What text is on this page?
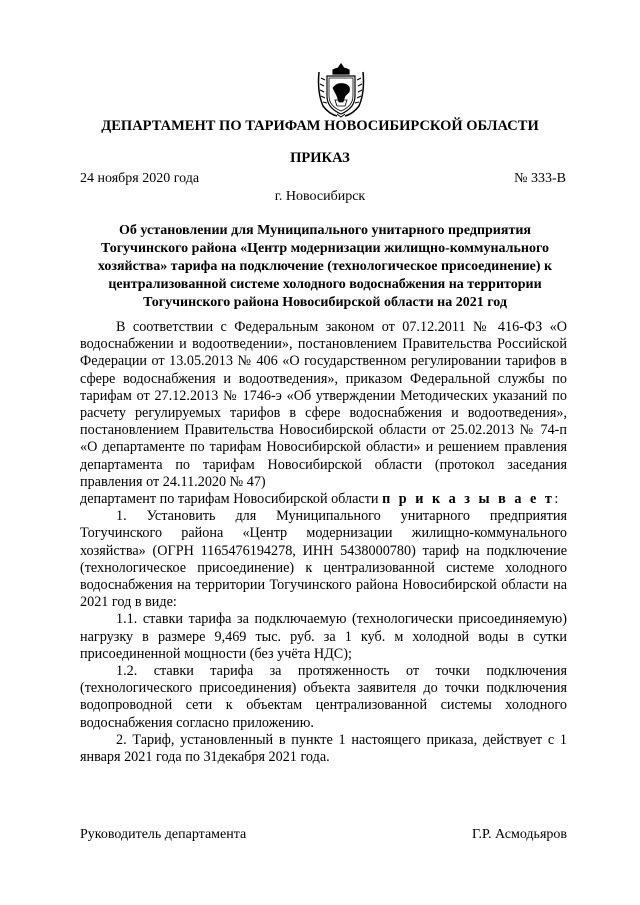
ДЕПАРТАМЕНТ ПО ТАРИФАМ НОВОСИБИРСКОЙ ОБЛАСТИ
ПРИКАЗ
24 ноября 2020 года	№ 333-В
г. Новосибирск
Об установлении для Муниципального унитарного предприятия Тогучинского района «Центр модернизации жилищно-коммунального хозяйства» тарифа на подключение (технологическое присоединение) к централизованной системе холодного водоснабжения на территории Тогучинского района Новосибирской области на 2021 год

В соответствии с Федеральным законом от 07.12.2011 № 416-ФЗ «О водоснабжении и водоотведении», постановлением Правительства Российской Федерации от 13.05.2013 № 406 «О государственном регулировании тарифов в сфере водоснабжения и водоотведения», приказом Федеральной службы по тарифам от 27.12.2013 № 1746-э «Об утверждении Методических указаний по расчету регулируемых тарифов в сфере водоснабжения и водоотведения», постановлением Правительства Новосибирской области от 25.02.2013 № 74-п «О департаменте по тарифам Новосибирской области» и решением правления департамента по тарифам Новосибирской области (протокол заседания правления от 24.11.2020 № 47)

департамент по тарифам Новосибирской области п р и к а з ы в а е т:

1. Установить для Муниципального унитарного предприятия Тогучинского района «Центр модернизации жилищно-коммунального хозяйства» (ОГРН 1165476194278, ИНН 5438000780) тариф на подключение (технологическое присоединение) к централизованной системе холодного водоснабжения на территории Тогучинского района Новосибирской области на 2021 год в виде:

1.1. ставки тарифа за подключаемую (технологически присоединяемую) нагрузку в размере 9,469 тыс. руб. за 1 куб. м холодной воды в сутки присоединенной мощности (без учёта НДС);

1.2. ставки тарифа за протяженность от точки подключения (технологического присоединения) объекта заявителя до точки подключения водопроводной сети к объектам централизованной системы холодного водоснабжения согласно приложению.

2. Тариф, установленный в пункте 1 настоящего приказа, действует с 1 января 2021 года по 31декабря 2021 года.

Руководитель департамента	Г.Р. Асмодьяров
